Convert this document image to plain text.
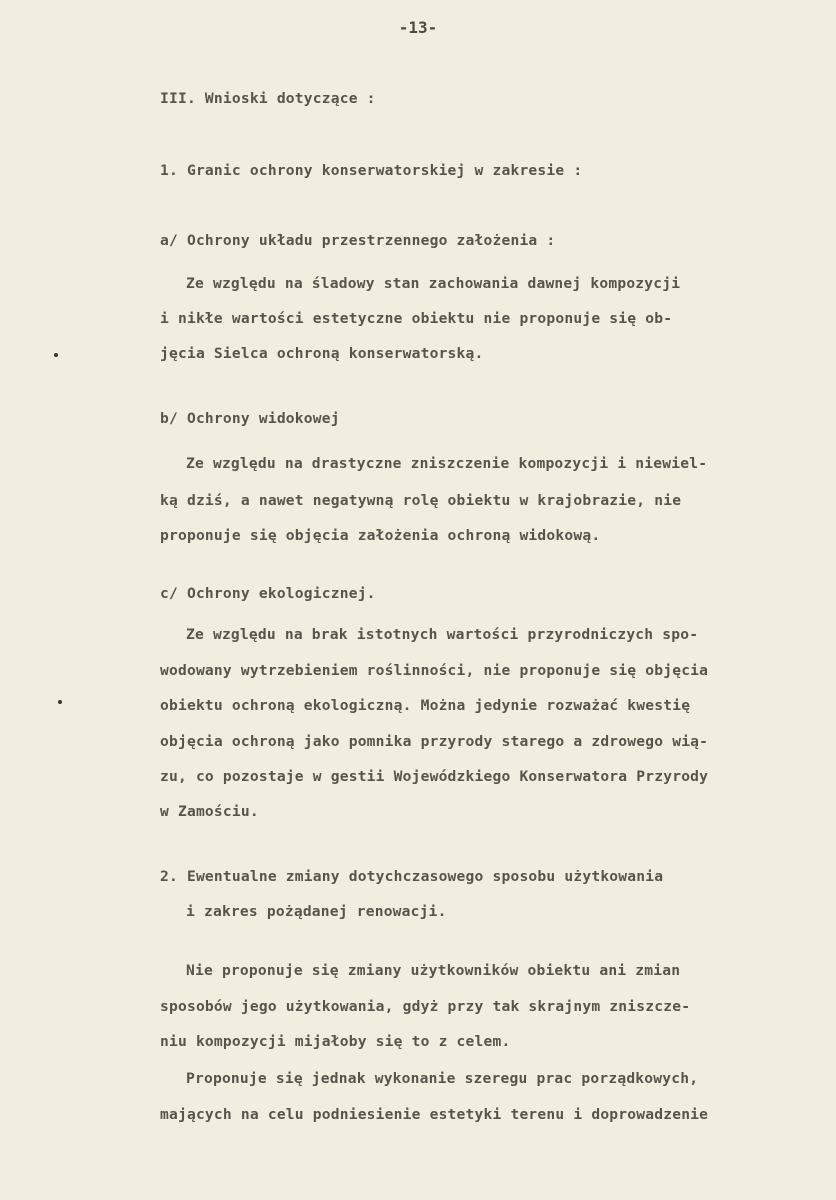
-13-
III. Wnioski dotyczące :
1. Granic ochrony konserwatorskiej w zakresie :
a/ Ochrony układu przestrzennego założenia :
Ze względu na śladowy stan zachowania dawnej kompozycji
i nikłe wartości estetyczne obiektu nie proponuje się ob-
jęcia Sielca ochroną konserwatorską.
b/ Ochrony widokowej
Ze względu na drastyczne zniszczenie kompozycji i niewiel-
ką dziś, a nawet negatywną rolę obiektu w krajobrazie, nie
proponuje się objęcia założenia ochroną widokową.
c/ Ochrony ekologicznej.
Ze względu na brak istotnych wartości przyrodniczych spo-
wodowany wytrzebieniem roślinności, nie proponuje się objęcia
obiektu ochroną ekologiczną. Można jedynie rozważać kwestię
objęcia ochroną jako pomnika przyrody starego a zdrowego wią-
zu, co pozostaje w gestii Wojewódzkiego Konserwatora Przyrody
w Zamościu.
2. Ewentualne zmiany dotychczasowego sposobu użytkowania
i zakres pożądanej renowacji.
Nie proponuje się zmiany użytkowników obiektu ani zmian
sposobów jego użytkowania, gdyż przy tak skrajnym zniszcze-
niu kompozycji mijałoby się to z celem.
Proponuje się jednak wykonanie szeregu prac porządkowych,
mających na celu podniesienie estetyki terenu i doprowadzenie
